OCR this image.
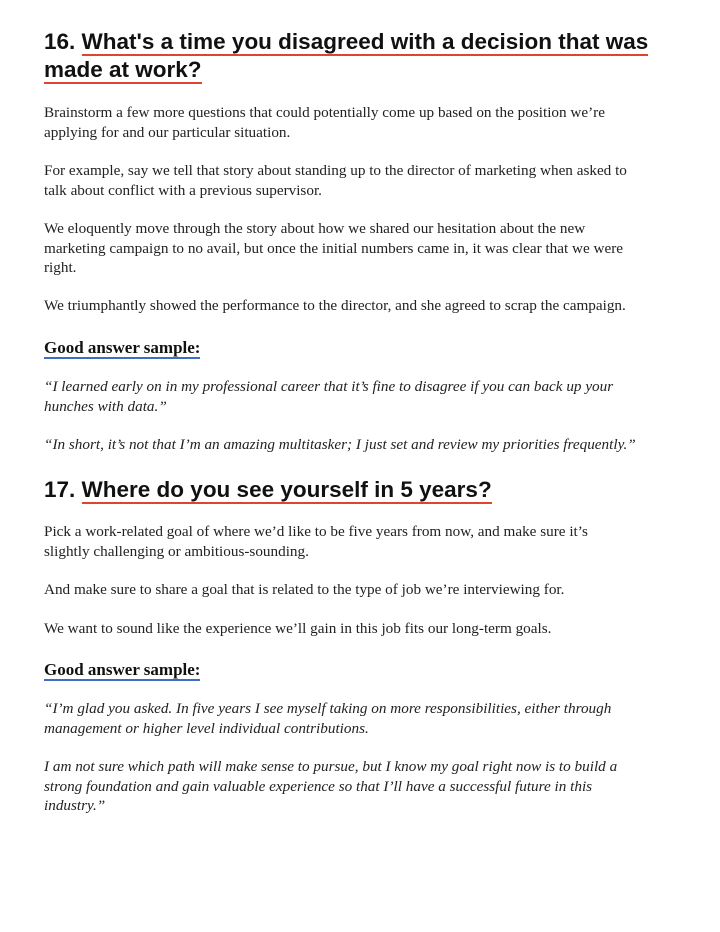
16. What's a time you disagreed with a decision that was
made at work?
Brainstorm a few more questions that could potentially come up based on the position we’re
applying for and our particular situation.
For example, say we tell that story about standing up to the director of marketing when asked to
talk about conflict with a previous supervisor.
We eloquently move through the story about how we shared our hesitation about the new
marketing campaign to no avail, but once the initial numbers came in, it was clear that we were
right.
We triumphantly showed the performance to the director, and she agreed to scrap the campaign.
Good answer sample:
“I learned early on in my professional career that it’s fine to disagree if you can back up your
hunches with data.”
“In short, it’s not that I’m an amazing multitasker; I just set and review my priorities frequently.”
17. Where do you see yourself in 5 years?
Pick a work-related goal of where we’d like to be five years from now, and make sure it’s
slightly challenging or ambitious-sounding.
And make sure to share a goal that is related to the type of job we’re interviewing for.
We want to sound like the experience we’ll gain in this job fits our long-term goals.
Good answer sample:
“I’m glad you asked. In five years I see myself taking on more responsibilities, either through
management or higher level individual contributions.
I am not sure which path will make sense to pursue, but I know my goal right now is to build a
strong foundation and gain valuable experience so that I’ll have a successful future in this
industry.”
